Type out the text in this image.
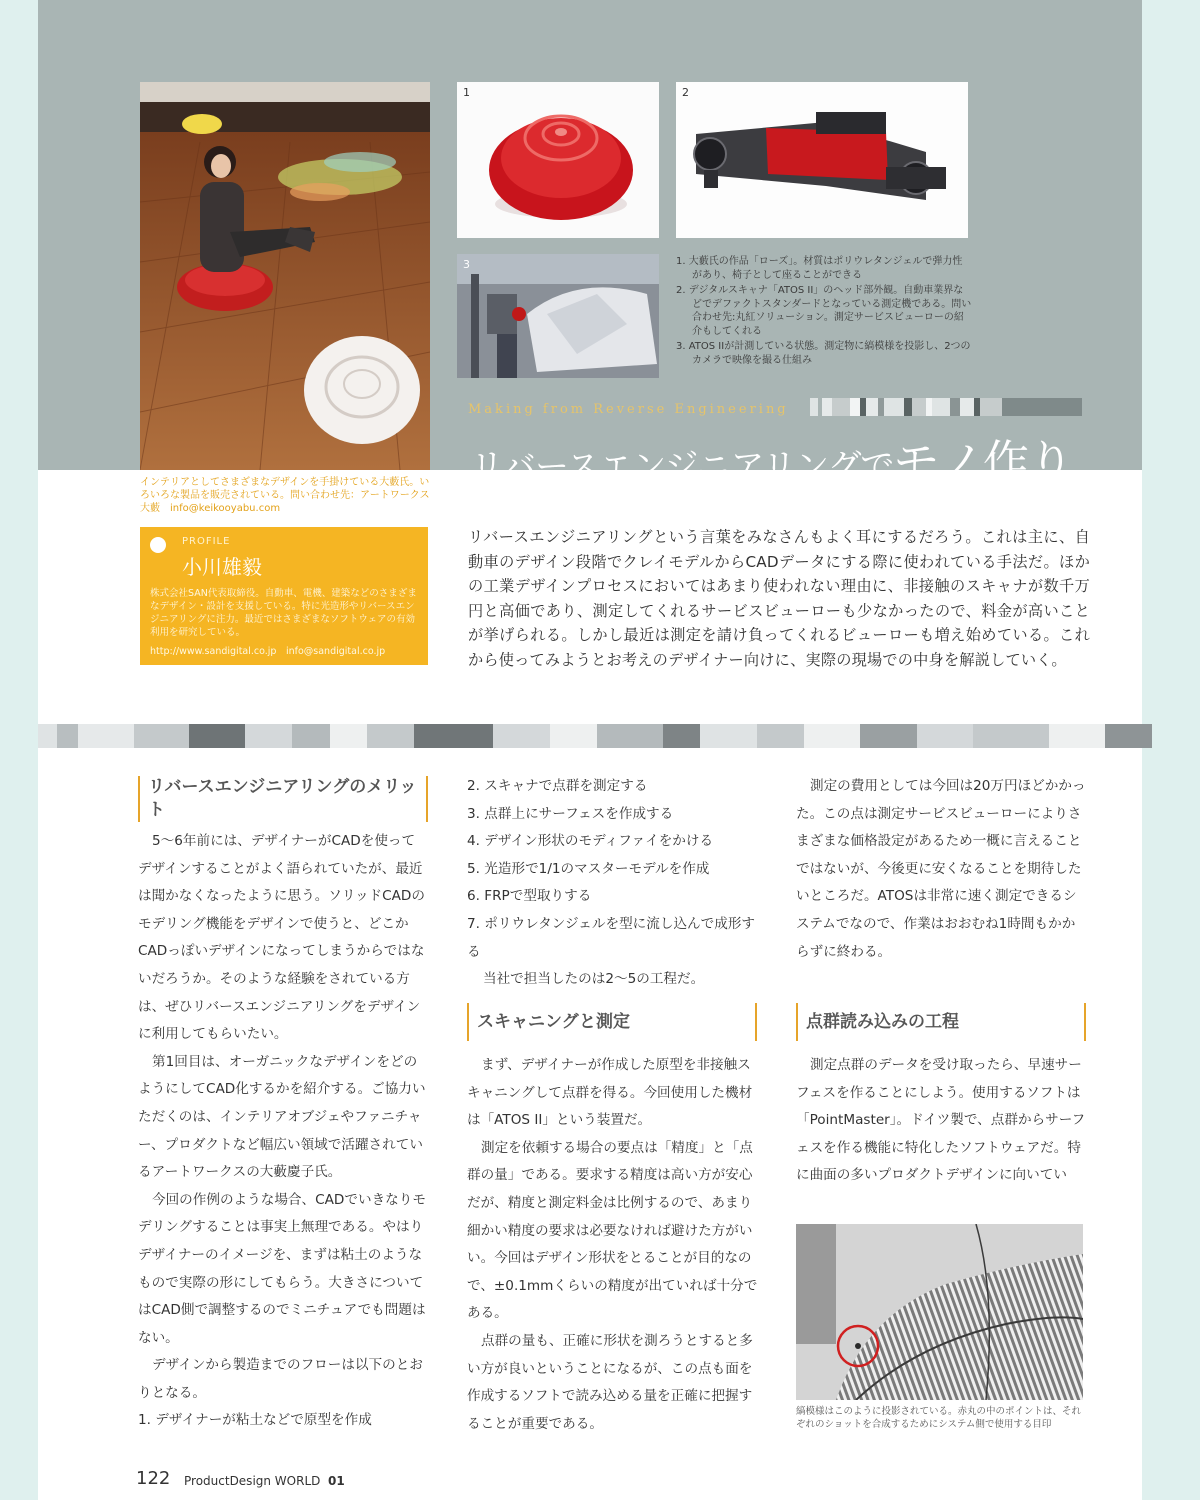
1	2
3	1. 大藪氏の作品「ローズ」。材質はポリウレタンジェルで弾力性があり、椅子として座ることができる
2. デジタルスキャナ「ATOS II」のヘッド部外観。自動車業界などでデファクトスタンダードとなっている測定機である。問い合わせ先:丸紅ソリューション。測定サービスビューローの紹介もしてくれる
3. ATOS IIが計測している状態。測定物に縞模様を投影し、2つのカメラで映像を撮る仕組み
Making from Reverse Engineering
リバースエンジニアリングでモノ作り
インテリアとしてさまざまなデザインを手掛けている大藪氏。いろいろな製品を販売されている。問い合わせ先：アートワークス大藪　info@keikooyabu.com
PROFILE
小川雄毅
株式会社SAN代表取締役。自動車、電機、建築などのさまざまなデザイン・設計を支援している。特に光造形やリバースエンジニアリングに注力。最近ではさまざまなソフトウェアの有効利用を研究している。
http://www.sandigital.co.jp　info@sandigital.co.jp
リバースエンジニアリングという言葉をみなさんもよく耳にするだろう。これは主に、自動車のデザイン段階でクレイモデルからCADデータにする際に使われている手法だ。ほかの工業デザインプロセスにおいてはあまり使われない理由に、非接触のスキャナが数千万円と高価であり、測定してくれるサービスビューローも少なかったので、料金が高いことが挙げられる。しかし最近は測定を請け負ってくれるビューローも増え始めている。これから使ってみようとお考えのデザイナー向けに、実際の現場での中身を解説していく。
リバースエンジニアリングのメリット

5〜6年前には、デザイナーがCADを使ってデザインすることがよく語られていたが、最近は聞かなくなったように思う。ソリッドCADのモデリング機能をデザインで使うと、どこかCADっぽいデザインになってしまうからではないだろうか。そのような経験をされている方は、ぜひリバースエンジニアリングをデザインに利用してもらいたい。

第1回目は、オーガニックなデザインをどのようにしてCAD化するかを紹介する。ご協力いただくのは、インテリアオブジェやファニチャー、プロダクトなど幅広い領域で活躍されているアートワークスの大藪慶子氏。

今回の作例のような場合、CADでいきなりモデリングすることは事実上無理である。やはりデザイナーのイメージを、まずは粘土のようなもので実際の形にしてもらう。大きさについてはCAD側で調整するのでミニチュアでも問題はない。

デザインから製造までのフローは以下のとおりとなる。

1. デザイナーが粘土などで原型を作成

2. スキャナで点群を測定する
3. 点群上にサーフェスを作成する
4. デザイン形状のモディファイをかける
5. 光造形で1/1のマスターモデルを作成
6. FRPで型取りする
7. ポリウレタンジェルを型に流し込んで成形する

当社で担当したのは2〜5の工程だ。

スキャニングと測定

まず、デザイナーが作成した原型を非接触スキャニングして点群を得る。今回使用した機材は「ATOS II」という装置だ。

測定を依頼する場合の要点は「精度」と「点群の量」である。要求する精度は高い方が安心だが、精度と測定料金は比例するので、あまり細かい精度の要求は必要なければ避けた方がいい。今回はデザイン形状をとることが目的なので、±0.1mmくらいの精度が出ていれば十分である。

点群の量も、正確に形状を測ろうとすると多い方が良いということになるが、この点も面を作成するソフトで読み込める量を正確に把握することが重要である。

測定の費用としては今回は20万円ほどかかった。この点は測定サービスビューローによりさまざまな価格設定があるため一概に言えることではないが、今後更に安くなることを期待したいところだ。ATOSは非常に速く測定できるシステムでなので、作業はおおむね1時間もかからずに終わる。

点群読み込みの工程

測定点群のデータを受け取ったら、早速サーフェスを作ることにしよう。使用するソフトは「PointMaster」。ドイツ製で、点群からサーフェスを作る機能に特化したソフトウェアだ。特に曲面の多いプロダクトデザインに向いてい

縞模様はこのように投影されている。赤丸の中のポイントは、それぞれのショットを合成するためにシステム側で使用する目印
122 ProductDesign WORLD 01
